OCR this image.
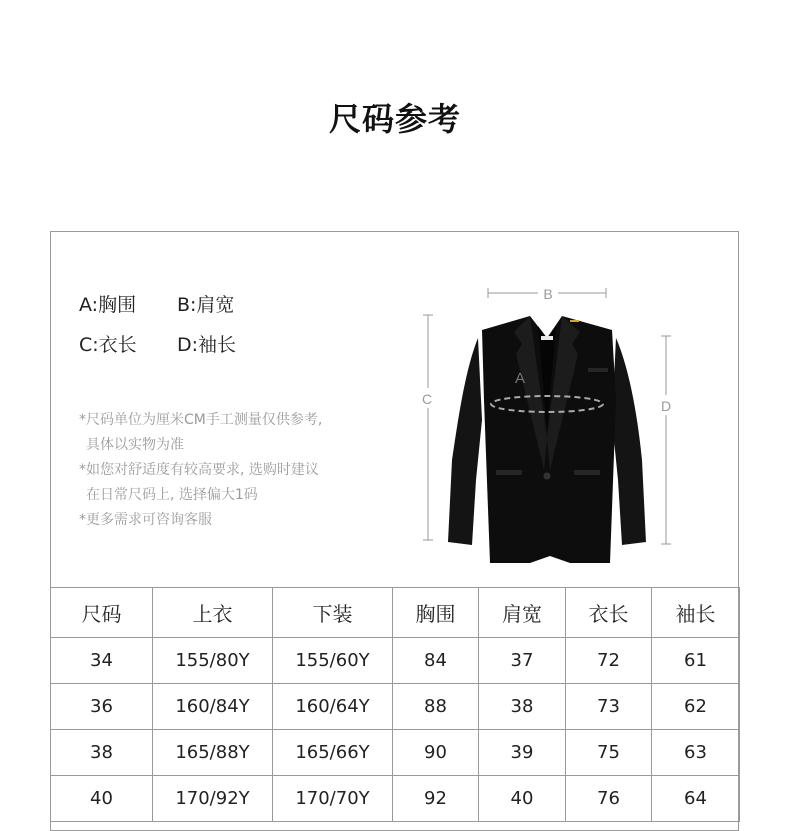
尺码参考
A:胸围 B:肩宽
C:衣长 D:袖长
*尺码单位为厘米CM手工测量仅供参考,
具体以实物为准
*如您对舒适度有较高要求, 选购时建议
在日常尺码上, 选择偏大1码
*更多需求可咨询客服
B
C	D
A
尺码	上衣	下装	胸围	肩宽	衣长	袖长
34	155/80Y	155/60Y	84	37	72	61
36	160/84Y	160/64Y	88	38	73	62
38	165/88Y	165/66Y	90	39	75	63
40	170/92Y	170/70Y	92	40	76	64
